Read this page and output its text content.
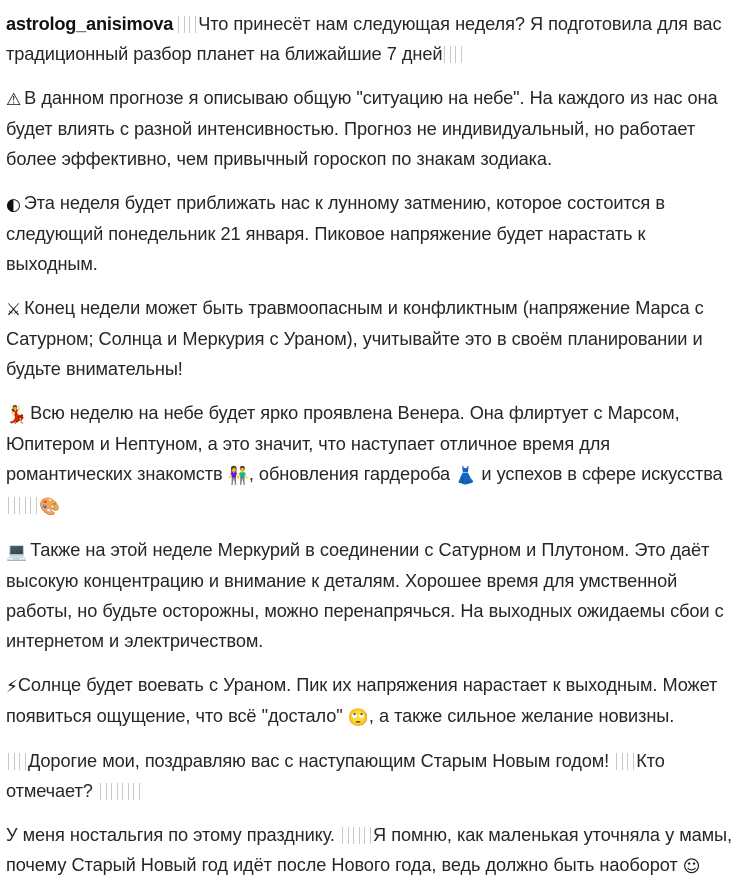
astrolog_anisimova Что принесёт нам следующая неделя? Я подготовила для вас традиционный разбор планет на ближайшие 7 дней

⚠ В данном прогнозе я описываю общую "ситуацию на небе". На каждого из нас она будет влиять с разной интенсивностью. Прогноз не индивидуальный, но работает более эффективно, чем привычный гороскоп по знакам зодиака.

◐ Эта неделя будет приближать нас к лунному затмению, которое состоится в следующий понедельник 21 января. Пиковое напряжение будет нарастать к выходным.

⚔ Конец недели может быть травмоопасным и конфликтным (напряжение Марса с Сатурном; Солнца и Меркурия с Ураном), учитывайте это в своём планировании и будьте внимательны!

💃 Всю неделю на небе будет ярко проявлена Венера. Она флиртует с Марсом, Юпитером и Нептуном, а это значит, что наступает отличное время для романтических знакомств 👫, обновления гардероба 👗 и успехов в сфере искусства 🎨

💻 Также на этой неделе Меркурий в соединении с Сатурном и Плутоном. Это даёт высокую концентрацию и внимание к деталям. Хорошее время для умственной работы, но будьте осторожны, можно перенапрячься. На выходных ожидаемы сбои с интернетом и электричеством.

⚡Солнце будет воевать с Ураном. Пик их напряжения нарастает к выходным. Может появиться ощущение, что всё "достало" 🙄, а также сильное желание новизны.

Дорогие мои, поздравляю вас с наступающим Старым Новым годом! Кто отмечает?

У меня ностальгия по этому празднику. Я помню, как маленькая уточняла у мамы, почему Старый Новый год идёт после Нового года, ведь должно быть наоборот ☺
